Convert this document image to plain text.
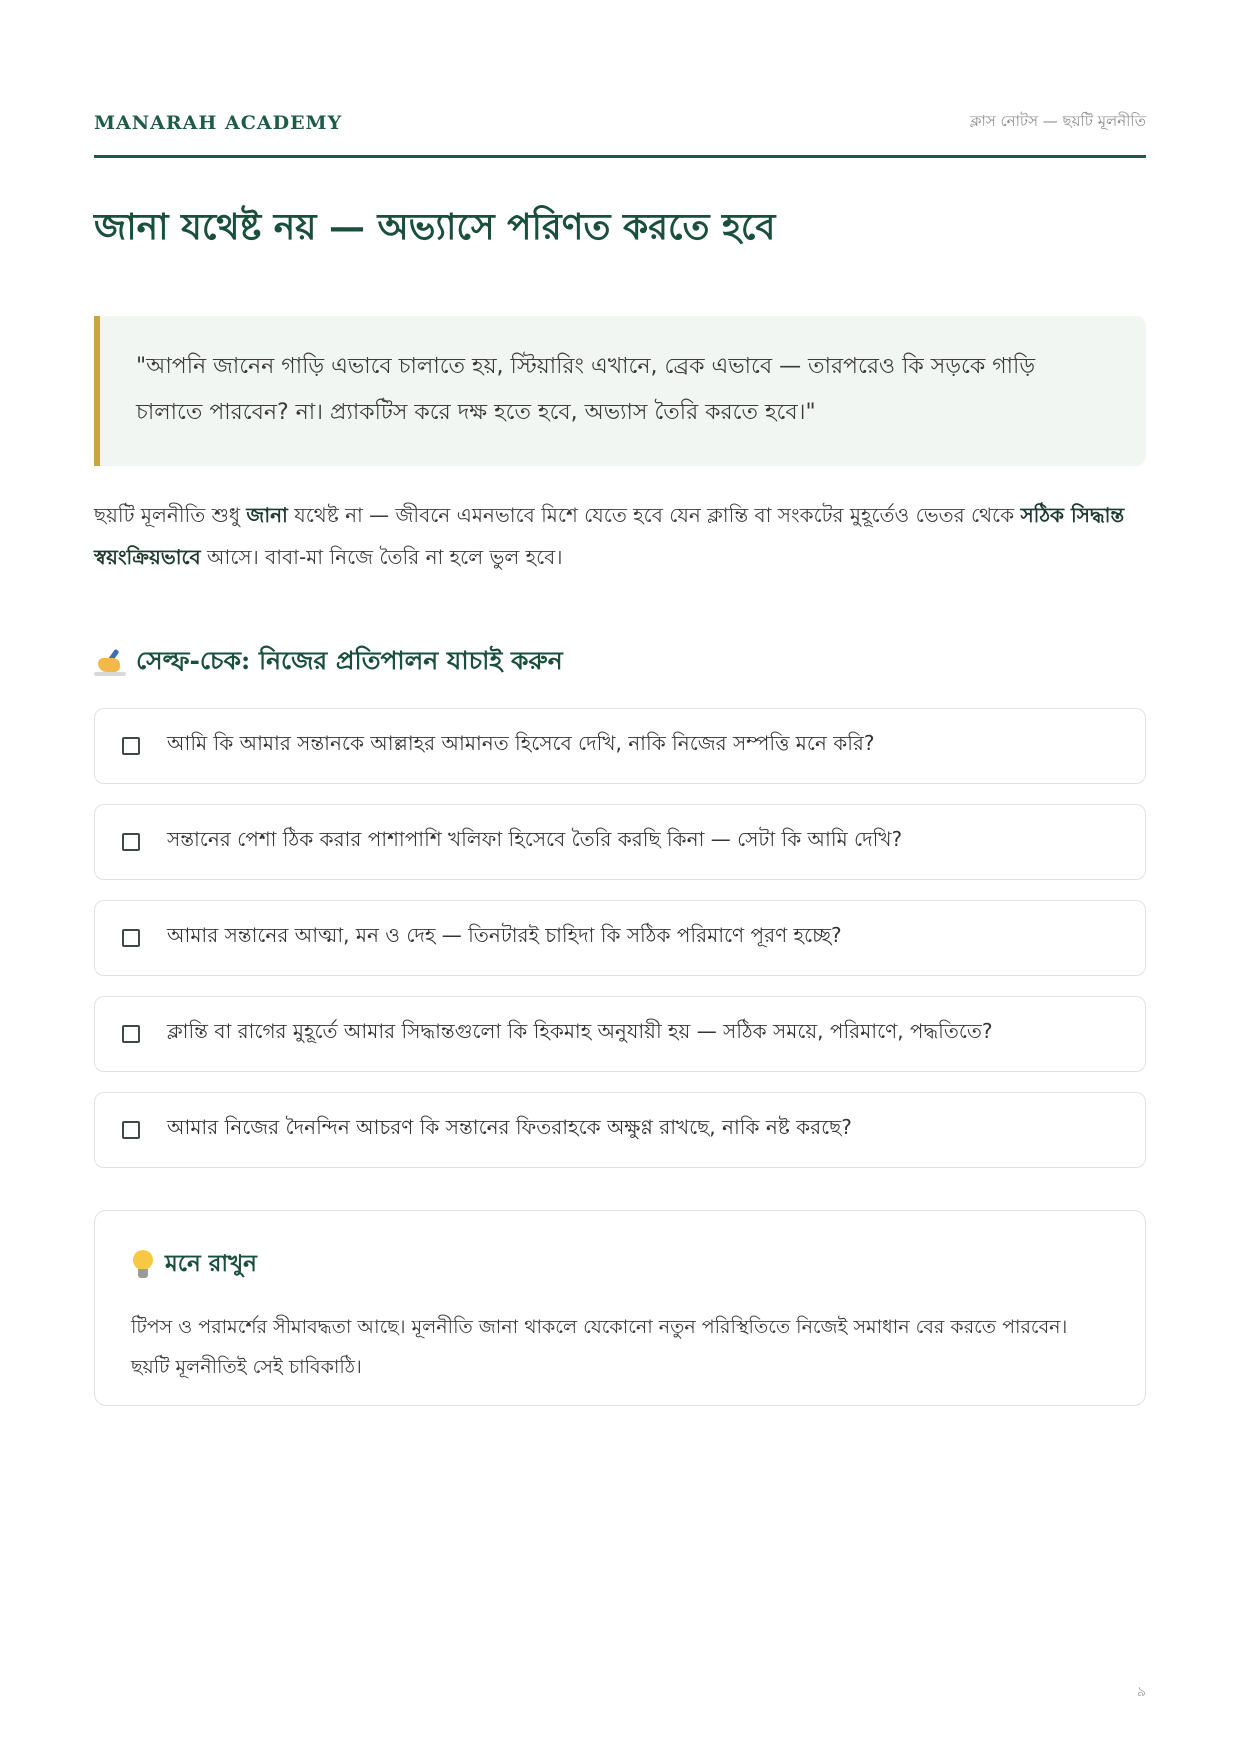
MANARAH ACADEMY	ক্লাস নোটস — ছয়টি মূলনীতি
জানা যথেষ্ট নয় — অভ্যাসে পরিণত করতে হবে
"আপনি জানেন গাড়ি এভাবে চালাতে হয়, স্টিয়ারিং এখানে, ব্রেক এভাবে — তারপরেও কি সড়কে গাড়ি চালাতে পারবেন? না। প্র্যাকটিস করে দক্ষ হতে হবে, অভ্যাস তৈরি করতে হবে।"

ছয়টি মূলনীতি শুধু জানা যথেষ্ট না — জীবনে এমনভাবে মিশে যেতে হবে যেন ক্লান্তি বা সংকটের মুহূর্তেও ভেতর থেকে সঠিক সিদ্ধান্ত স্বয়ংক্রিয়ভাবে আসে। বাবা-মা নিজে তৈরি না হলে ভুল হবে।

সেল্ফ-চেক: নিজের প্রতিপালন যাচাই করুন
আমি কি আমার সন্তানকে আল্লাহর আমানত হিসেবে দেখি, নাকি নিজের সম্পত্তি মনে করি?
সন্তানের পেশা ঠিক করার পাশাপাশি খলিফা হিসেবে তৈরি করছি কিনা — সেটা কি আমি দেখি?
আমার সন্তানের আত্মা, মন ও দেহ — তিনটারই চাহিদা কি সঠিক পরিমাণে পূরণ হচ্ছে?
ক্লান্তি বা রাগের মুহূর্তে আমার সিদ্ধান্তগুলো কি হিকমাহ অনুযায়ী হয় — সঠিক সময়ে, পরিমাণে, পদ্ধতিতে?
আমার নিজের দৈনন্দিন আচরণ কি সন্তানের ফিতরাহকে অক্ষুণ্ণ রাখছে, নাকি নষ্ট করছে?
মনে রাখুন
টিপস ও পরামর্শের সীমাবদ্ধতা আছে। মূলনীতি জানা থাকলে যেকোনো নতুন পরিস্থিতিতে নিজেই সমাধান বের করতে পারবেন। ছয়টি মূলনীতিই সেই চাবিকাঠি।
৯
